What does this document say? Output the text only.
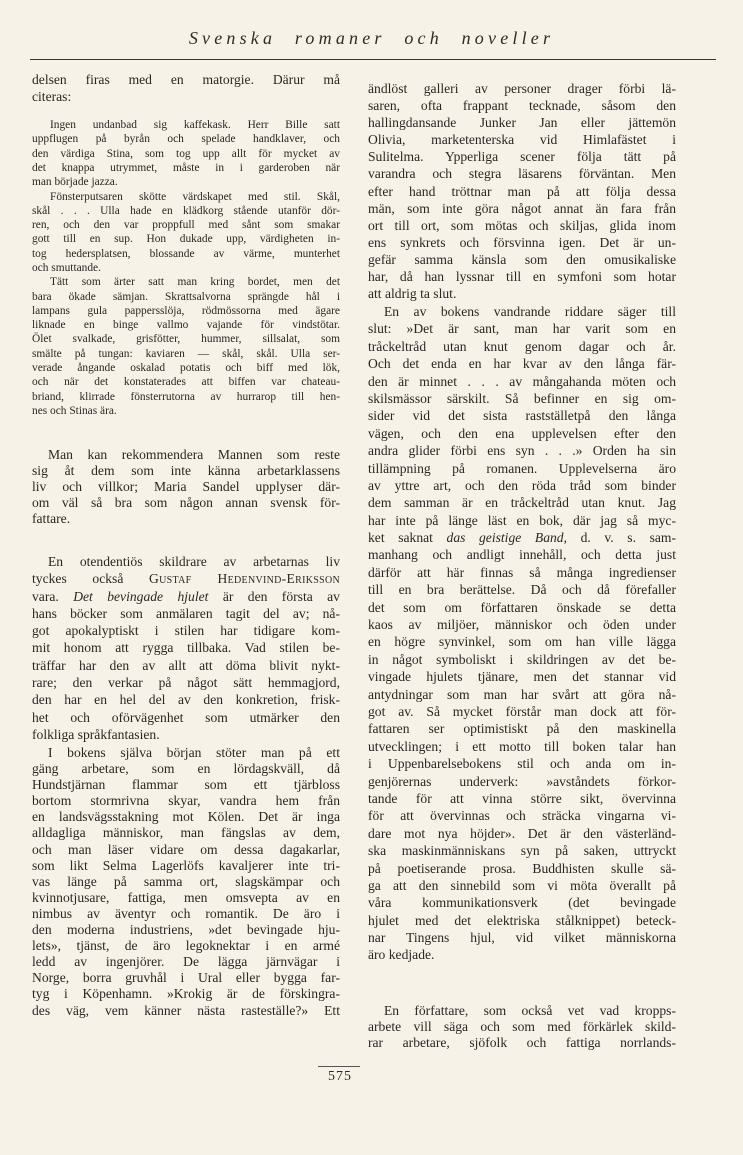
Svenska romaner och noveller
delsen firas med en matorgie. Därur må
citeras:
Ingen undanbad sig kaffekask. Herr Bille satt
uppflugen på byrån och spelade handklaver, och
den värdiga Stina, som tog upp allt för mycket av
det knappa utrymmet, måste in i garderoben när
man började jazza.
Fönsterputsaren skötte värdskapet med stil. Skål,
skål . . . Ulla hade en klädkorg stående utanför dör-
ren, och den var proppfull med sånt som smakar
gott till en sup. Hon dukade upp, värdigheten in-
tog hedersplatsen, blossande av värme, munterhet
och smuttande.
Tätt som ärter satt man kring bordet, men det
bara ökade sämjan. Skrattsalvorna sprängde hål i
lampans gula pappersslöja, rödmössorna med ägare
liknade en binge vallmo vajande för vindstötar.
Ölet svalkade, grisfötter, hummer, sillsalat, som
smälte på tungan: kaviaren — skål, skål. Ulla ser-
verade ångande oskalad potatis och biff med lök,
och när det konstaterades att biffen var chateau-
briand, klirrade fönsterrutorna av hurrarop till hen-
nes och Stinas ära.
Man kan rekommendera Mannen som reste
sig åt dem som inte känna arbetarklassens
liv och villkor; Maria Sandel upplyser där-
om väl så bra som någon annan svensk för-
fattare.
En otendentiös skildrare av arbetarnas liv
tyckes också Gustaf Hedenvind-Eriksson
vara. Det bevingade hjulet är den första av
hans böcker som anmälaren tagit del av; nå-
got apokalyptiskt i stilen har tidigare kom-
mit honom att rygga tillbaka. Vad stilen be-
träffar har den av allt att döma blivit nykt-
rare; den verkar på något sätt hemmagjord,
den har en hel del av den konkretion, frisk-
het och oförvägenhet som utmärker den
folkliga språkfantasien.
I bokens själva början stöter man på ett
gäng arbetare, som en lördagskväll, då
Hundstjärnan flammar som ett tjärbloss
bortom stormrivna skyar, vandra hem från
en landsvägsstakning mot Kölen. Det är inga
alldagliga människor, man fängslas av dem,
och man läser vidare om dessa dagakarlar,
som likt Selma Lagerlöfs kavaljerer inte tri-
vas länge på samma ort, slagskämpar och
kvinnotjusare, fattiga, men omsvepta av en
nimbus av äventyr och romantik. De äro i
den moderna industriens, »det bevingade hju-
lets», tjänst, de äro legoknektar i en armé
ledd av ingenjörer. De lägga järnvägar i
Norge, borra gruvhål i Ural eller bygga far-
tyg i Köpenhamn. »Krokig är de förskingra-
des väg, vem känner nästa rasteställe?» Ett
ändlöst galleri av personer drager förbi lä-
saren, ofta frappant tecknade, såsom den
hallingdansande Junker Jan eller jättemön
Olivia, marketenterska vid Himlafästet i
Sulitelma. Ypperliga scener följa tätt på
varandra och stegra läsarens förväntan. Men
efter hand tröttnar man på att följa dessa
män, som inte göra något annat än fara från
ort till ort, som mötas och skiljas, glida inom
ens synkrets och försvinna igen. Det är un-
gefär samma känsla som den omusikaliske
har, då han lyssnar till en symfoni som hotar
att aldrig ta slut.
En av bokens vandrande riddare säger till
slut: »Det är sant, man har varit som en
tråckeltråd utan knut genom dagar och år.
Och det enda en har kvar av den långa fär-
den är minnet . . . av mångahanda möten och
skilsmässor särskilt. Så befinner en sig om-
sider vid det sista rastställetpå den långa
vägen, och den ena upplevelsen efter den
andra glider förbi ens syn . . .» Orden ha sin
tillämpning på romanen. Upplevelserna äro
av yttre art, och den röda tråd som binder
dem samman är en tråckeltråd utan knut. Jag
har inte på länge läst en bok, där jag så myc-
ket saknat das geistige Band, d. v. s. sam-
manhang och andligt innehåll, och detta just
därför att här finnas så många ingredienser
till en bra berättelse. Då och då förefaller
det som om författaren önskade se detta
kaos av miljöer, människor och öden under
en högre synvinkel, som om han ville lägga
in något symboliskt i skildringen av det be-
vingade hjulets tjänare, men det stannar vid
antydningar som man har svårt att göra nå-
got av. Så mycket förstår man dock att för-
fattaren ser optimistiskt på den maskinella
utvecklingen; i ett motto till boken talar han
i Uppenbarelsebokens stil och anda om in-
genjörernas underverk: »avståndets förkor-
tande för att vinna större sikt, övervinna
för att övervinnas och sträcka vingarna vi-
dare mot nya höjder». Det är den västerländ-
ska maskinmänniskans syn på saken, uttryckt
på poetiserande prosa. Buddhisten skulle sä-
ga att den sinnebild som vi möta överallt på
våra kommunikationsverk (det bevingade
hjulet med det elektriska stålknippet) beteck-
nar Tingens hjul, vid vilket människorna
äro kedjade.
En författare, som också vet vad kropps-
arbete vill säga och som med förkärlek skild-
rar arbetare, sjöfolk och fattiga norrlands-
575
